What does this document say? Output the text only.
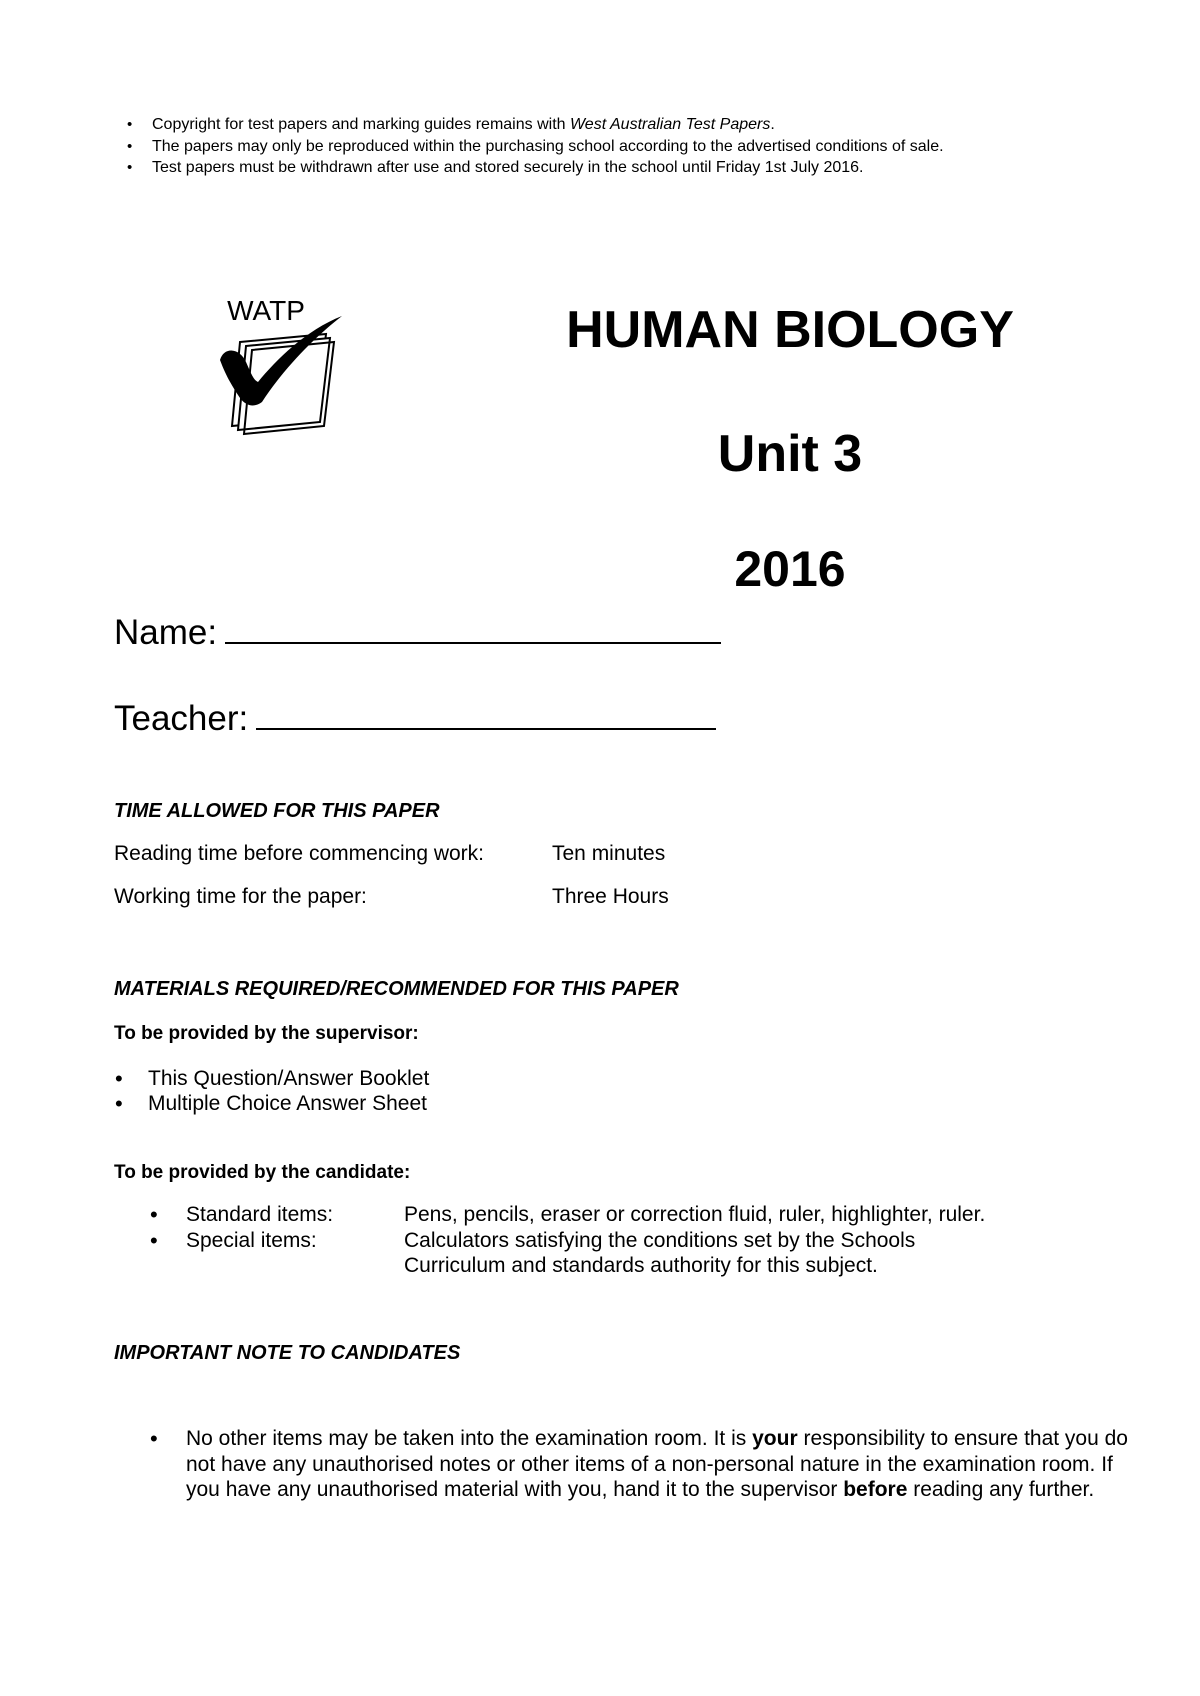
• Copyright for test papers and marking guides remains with West Australian Test Papers.
• The papers may only be reproduced within the purchasing school according to the advertised conditions of sale.
• Test papers must be withdrawn after use and stored securely in the school until Friday 1st July 2016.
WATP	HUMAN BIOLOGY
Unit 3
2016
Name:
Teacher:
TIME ALLOWED FOR THIS PAPER
Reading time before commencing work:	Ten minutes
Working time for the paper:	Three Hours
MATERIALS REQUIRED/RECOMMENDED FOR THIS PAPER
To be provided by the supervisor:
• This Question/Answer Booklet
• Multiple Choice Answer Sheet
To be provided by the candidate:
• Standard items:	Pens, pencils, eraser or correction fluid, ruler, highlighter, ruler.
• Special items:	Calculators satisfying the conditions set by the Schools Curriculum and standards authority for this subject.
IMPORTANT NOTE TO CANDIDATES
• No other items may be taken into the examination room. It is your responsibility to ensure that you do not have any unauthorised notes or other items of a non-personal nature in the examination room. If you have any unauthorised material with you, hand it to the supervisor before reading any further.
